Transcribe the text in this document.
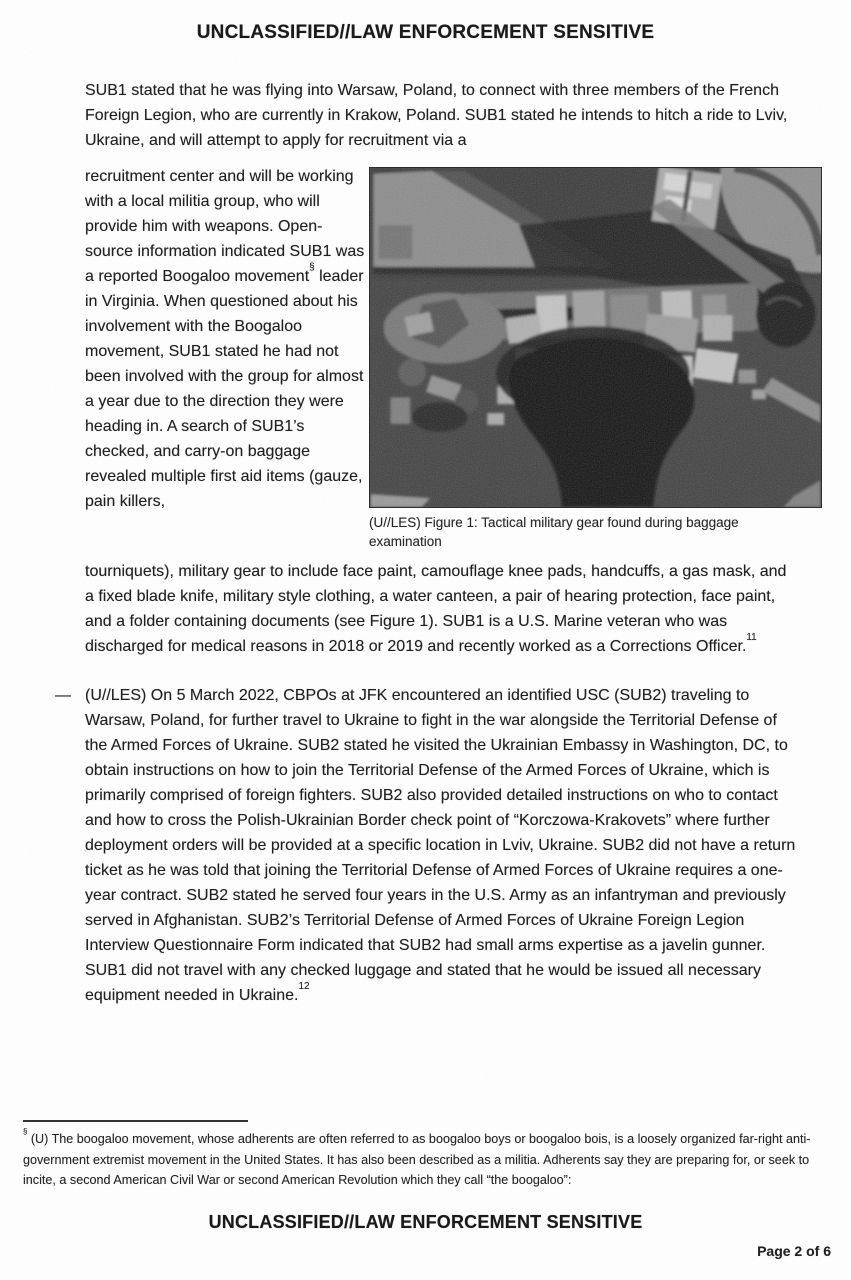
UNCLASSIFIED//LAW ENFORCEMENT SENSITIVE
SUB1 stated that he was flying into Warsaw, Poland, to connect with three members of the French Foreign Legion, who are currently in Krakow, Poland. SUB1 stated he intends to hitch a ride to Lviv, Ukraine, and will attempt to apply for recruitment via a
recruitment center and will be working with a local militia group, who will provide him with weapons. Open-source information indicated SUB1 was a reported Boogaloo movement§ leader in Virginia. When questioned about his involvement with the Boogaloo movement, SUB1 stated he had not been involved with the group for almost a year due to the direction they were heading in. A search of SUB1’s checked, and carry-on baggage revealed multiple first aid items (gauze, pain killers,
(U//LES) Figure 1: Tactical military gear found during baggage examination
tourniquets), military gear to include face paint, camouflage knee pads, handcuffs, a gas mask, and a fixed blade knife, military style clothing, a water canteen, a pair of hearing protection, face paint, and a folder containing documents (see Figure 1). SUB1 is a U.S. Marine veteran who was discharged for medical reasons in 2018 or 2019 and recently worked as a Corrections Officer.$^{11}$
— (U//LES) On 5 March 2022, CBPOs at JFK encountered an identified USC (SUB2) traveling to Warsaw, Poland, for further travel to Ukraine to fight in the war alongside the Territorial Defense of the Armed Forces of Ukraine. SUB2 stated he visited the Ukrainian Embassy in Washington, DC, to obtain instructions on how to join the Territorial Defense of the Armed Forces of Ukraine, which is primarily comprised of foreign fighters. SUB2 also provided detailed instructions on who to contact and how to cross the Polish-Ukrainian Border check point of “Korczowa-Krakovets” where further deployment orders will be provided at a specific location in Lviv, Ukraine. SUB2 did not have a return ticket as he was told that joining the Territorial Defense of Armed Forces of Ukraine requires a one-year contract. SUB2 stated he served four years in the U.S. Army as an infantryman and previously served in Afghanistan. SUB2’s Territorial Defense of Armed Forces of Ukraine Foreign Legion Interview Questionnaire Form indicated that SUB2 had small arms expertise as a javelin gunner. SUB1 did not travel with any checked luggage and stated that he would be issued all necessary equipment needed in Ukraine.$^{12}$
§ (U) The boogaloo movement, whose adherents are often referred to as boogaloo boys or boogaloo bois, is a loosely organized far-right anti-government extremist movement in the United States. It has also been described as a militia. Adherents say they are preparing for, or seek to incite, a second American Civil War or second American Revolution which they call “the boogaloo”:
UNCLASSIFIED//LAW ENFORCEMENT SENSITIVE
Page 2 of 6
